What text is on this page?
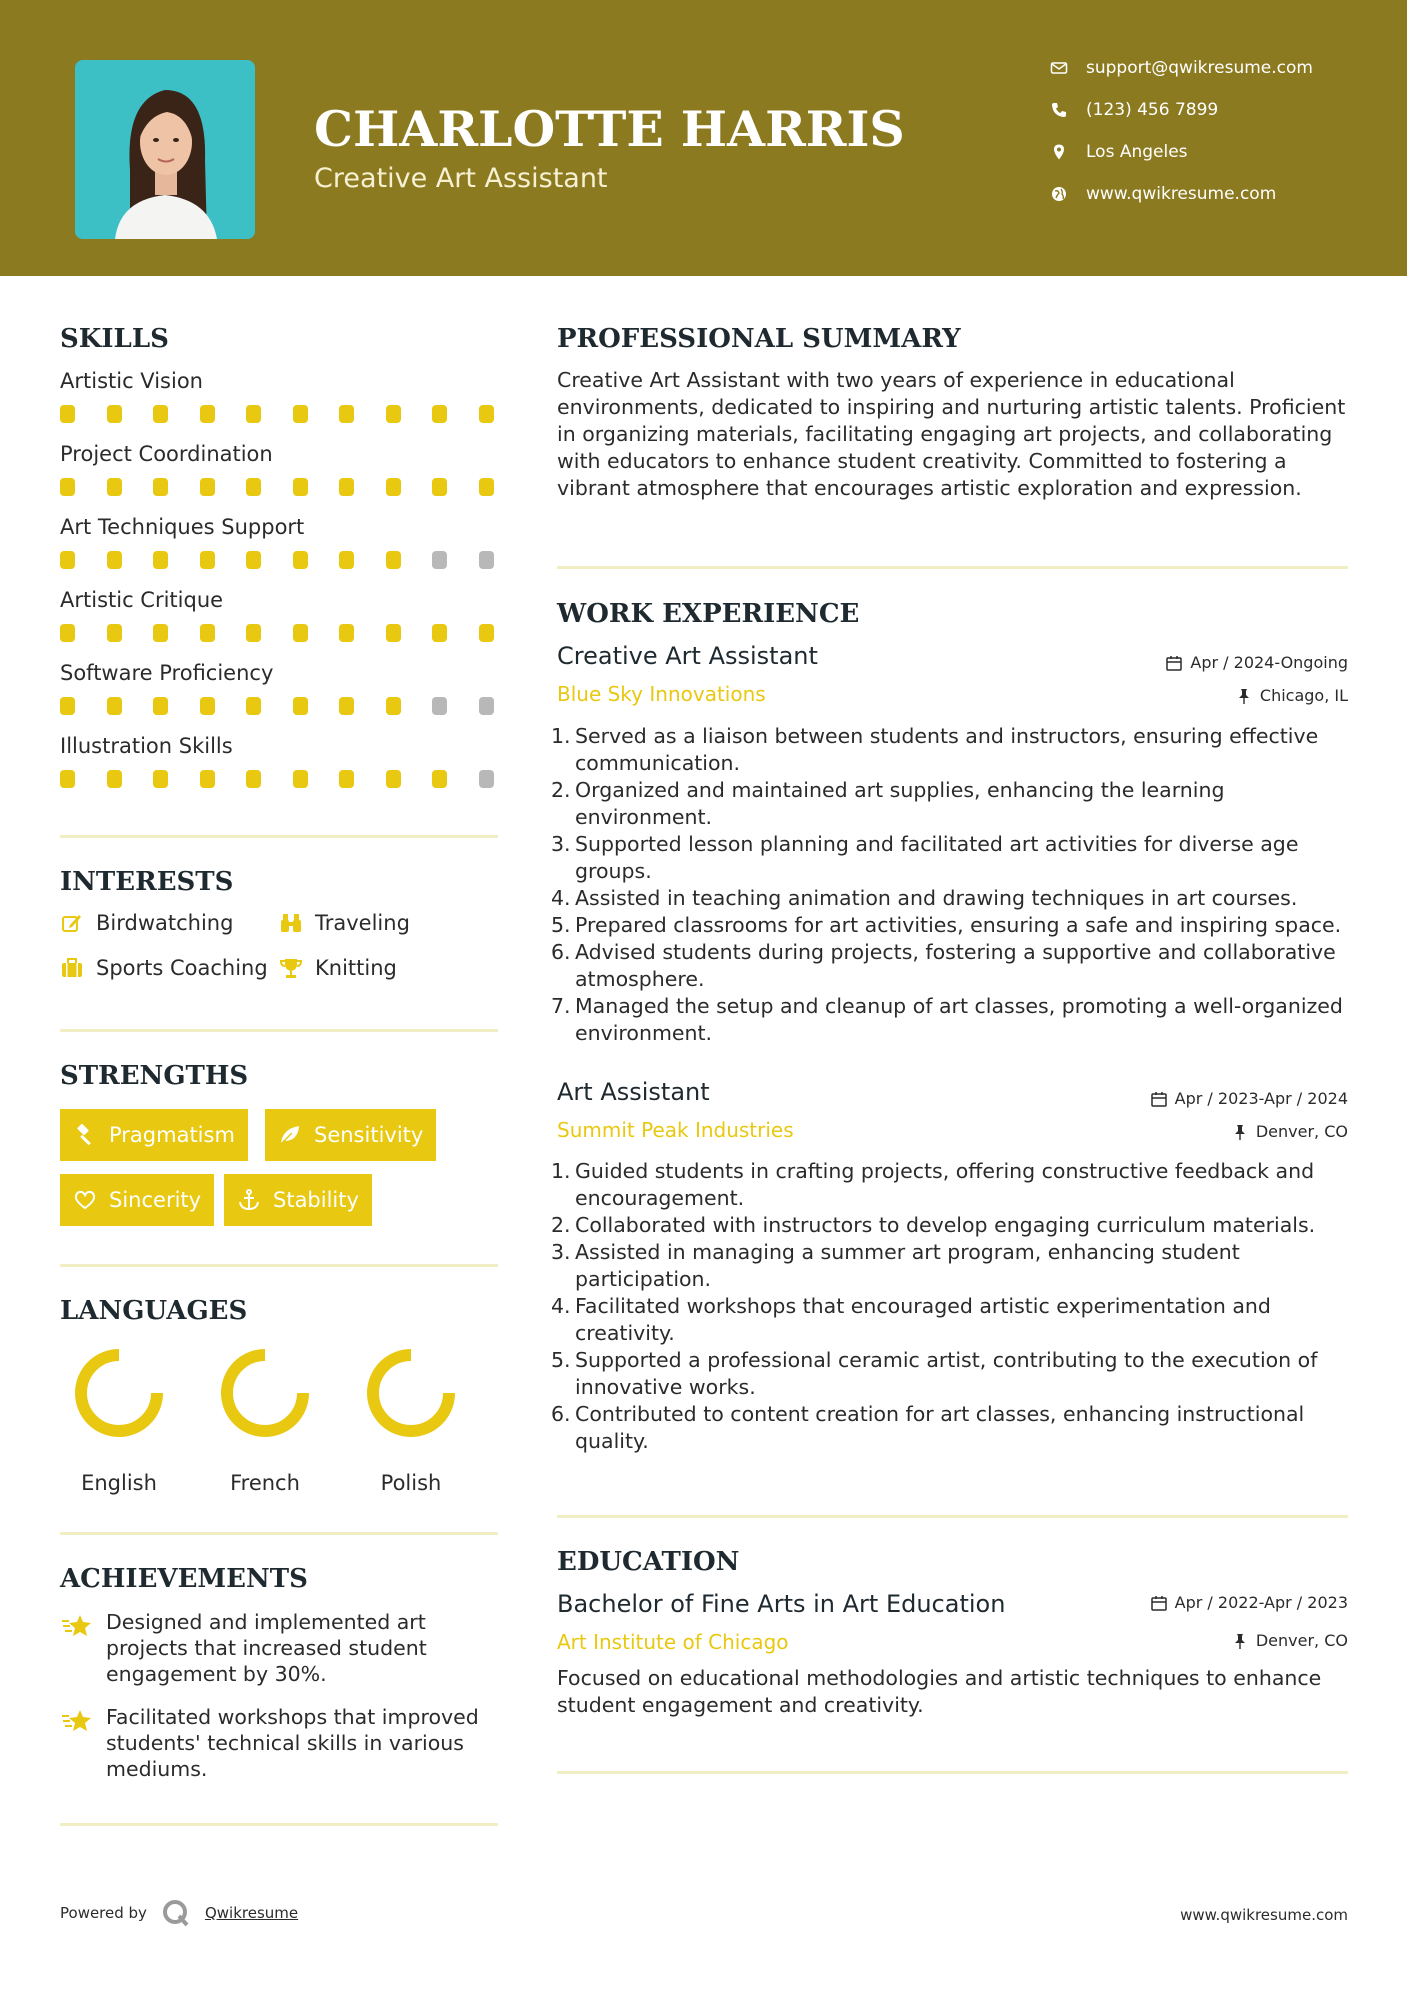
CHARLOTTE HARRIS
Creative Art Assistant
support@qwikresume.com
(123) 456 7899
Los Angeles
www.qwikresume.com
SKILLS
Artistic Vision
Project Coordination
Art Techniques Support
Artistic Critique
Software Proficiency
Illustration Skills
INTERESTS
Birdwatching	Traveling
Sports Coaching Knitting
STRENGTHS
Pragmatism	Sensitivity
Sincerity	Stability
LANGUAGES
English	French	Polish
ACHIEVEMENTS
Designed and implemented art projects that increased student engagement by 30%.
Facilitated workshops that improved students' technical skills in various mediums.
PROFESSIONAL SUMMARY

Creative Art Assistant with two years of experience in educational environments, dedicated to inspiring and nurturing artistic talents. Proficient in organizing materials, facilitating engaging art projects, and collaborating with educators to enhance student creativity. Committed to fostering a vibrant atmosphere that encourages artistic exploration and expression.

WORK EXPERIENCE
Creative Art Assistant	Apr / 2024-Ongoing
Blue Sky Innovations	Chicago, IL
1. Served as a liaison between students and instructors, ensuring effective communication.
2. Organized and maintained art supplies, enhancing the learning environment.
3. Supported lesson planning and facilitated art activities for diverse age groups.
4. Assisted in teaching animation and drawing techniques in art courses.
5. Prepared classrooms for art activities, ensuring a safe and inspiring space.
6. Advised students during projects, fostering a supportive and collaborative atmosphere.
7. Managed the setup and cleanup of art classes, promoting a well-organized environment.
Art Assistant	Apr / 2023-Apr / 2024
Summit Peak Industries	Denver, CO
1. Guided students in crafting projects, offering constructive feedback and encouragement.
2. Collaborated with instructors to develop engaging curriculum materials.
3. Assisted in managing a summer art program, enhancing student participation.
4. Facilitated workshops that encouraged artistic experimentation and creativity.
5. Supported a professional ceramic artist, contributing to the execution of innovative works.
6. Contributed to content creation for art classes, enhancing instructional quality.
EDUCATION
Bachelor of Fine Arts in Art Education	Apr / 2022-Apr / 2023
Art Institute of Chicago	Denver, CO

Focused on educational methodologies and artistic techniques to enhance student engagement and creativity.

Powered by	Qwikresume	www.qwikresume.com
